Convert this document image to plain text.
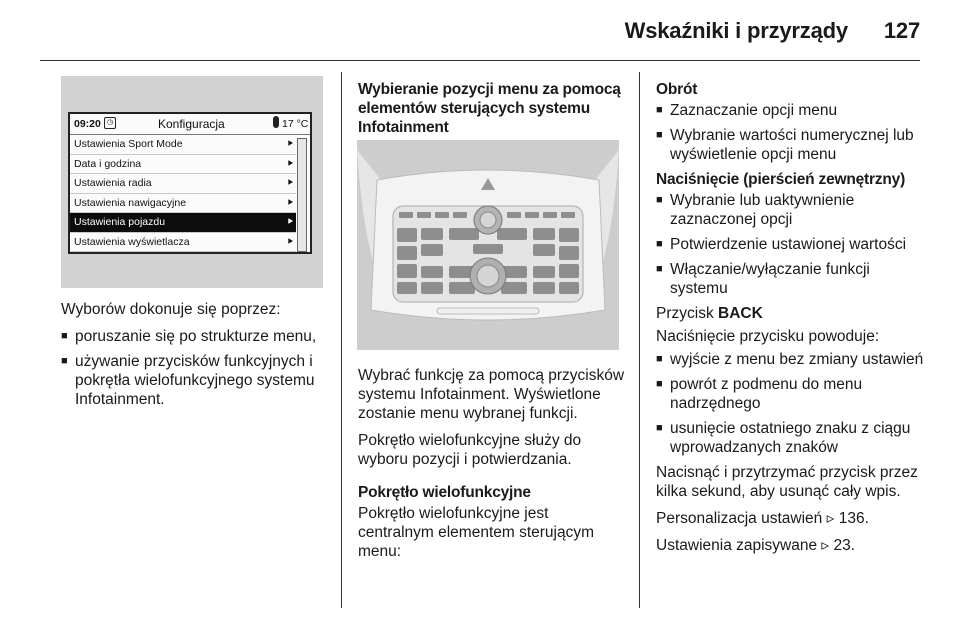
Wskaźniki i przyrządy 127
09:20 ◷	Konfiguracja	17 °C
Ustawienia Sport Mode	⯈
Data i godzina	⯈
Ustawienia radia	⯈
Ustawienia nawigacyjne	⯈
Ustawienia pojazdu	⯈
Ustawienia wyświetlacza	⯈

Wyborów dokonuje się poprzez:

■ poruszanie się po strukturze menu,
■ używanie przycisków funkcyjnych i pokrętła wielofunkcyjnego systemu Infotainment.
Wybieranie pozycji menu za pomocą elementów sterujących systemu Infotainment

Wybrać funkcję za pomocą przycisków systemu Infotainment. Wyświetlone zostanie menu wybranej funkcji.

Pokrętło wielofunkcyjne służy do wyboru pozycji i potwierdzania.

Pokrętło wielofunkcyjne

Pokrętło wielofunkcyjne jest centralnym elementem sterującym menu:

Obrót
■ Zaznaczanie opcji menu
■ Wybranie wartości numerycznej lub wyświetlenie opcji menu
Naciśnięcie (pierścień zewnętrzny)
■ Wybranie lub uaktywnienie zaznaczonej opcji
■ Potwierdzenie ustawionej wartości
■ Włączanie/wyłączanie funkcji systemu

Przycisk BACK

Naciśnięcie przycisku powoduje:

■ wyjście z menu bez zmiany ustawień
■ powrót z podmenu do menu nadrzędnego
■ usunięcie ostatniego znaku z ciągu wprowadzanych znaków

Nacisnąć i przytrzymać przycisk przez kilka sekund, aby usunąć cały wpis.

Personalizacja ustawień ▹ 136.

Ustawienia zapisywane ▹ 23.
